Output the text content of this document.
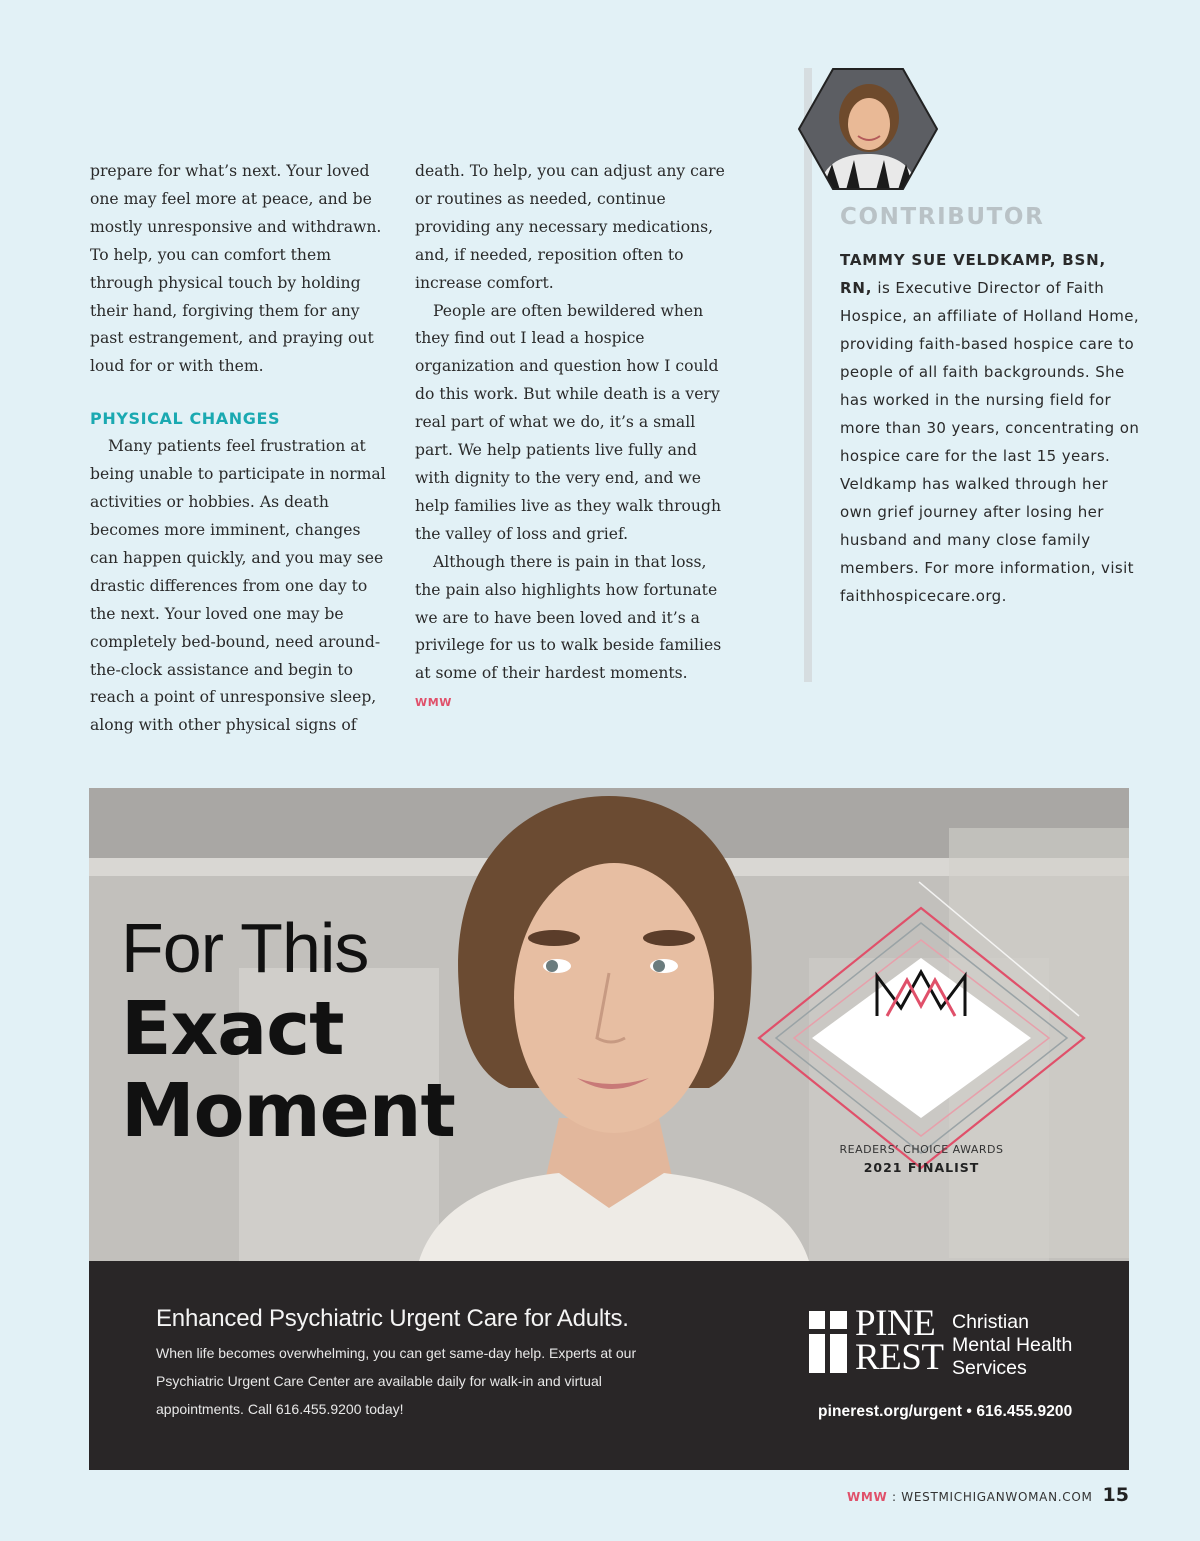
prepare for what’s next. Your loved one may feel more at peace, and be mostly unresponsive and withdrawn. To help, you can comfort them through physical touch by holding their hand, forgiving them for any past estrangement, and praying out loud for or with them.

PHYSICAL CHANGES

Many patients feel frustration at being unable to participate in normal activities or hobbies. As death becomes more imminent, changes can happen quickly, and you may see drastic differences from one day to the next. Your loved one may be completely bed-bound, need around-the-clock assistance and begin to reach a point of unresponsive sleep, along with other physical signs of

death. To help, you can adjust any care or routines as needed, continue providing any necessary medications, and, if needed, reposition often to increase comfort.

People are often bewildered when they find out I lead a hospice organization and question how I could do this work. But while death is a very real part of what we do, it’s a small part. We help patients live fully and with dignity to the very end, and we help families live as they walk through the valley of loss and grief.

Although there is pain in that loss, the pain also highlights how fortunate we are to have been loved and it’s a privilege for us to walk beside families at some of their hardest moments. WMW

CONTRIBUTOR
TAMMY SUE VELDKAMP, BSN, RN, is Executive Director of Faith Hospice, an affiliate of Holland Home, providing faith-based hospice care to people of all faith backgrounds. She has worked in the nursing field for more than 30 years, concentrating on hospice care for the last 15 years. Veldkamp has walked through her own grief journey after losing her husband and many close family members. For more information, visit faithhospicecare.org.
For This
Exact
Moment	READERS’ CHOICE AWARDS
2021 FINALIST
Enhanced Psychiatric Urgent Care for Adults.
When life becomes overwhelming, you can get same-day help. Experts at our Psychiatric Urgent Care Center are available daily for walk-in and virtual appointments. Call 616.455.9200 today!
PINE
REST
Christian
Mental Health
Services
pinerest.org/urgent • 616.455.9200
WMW : WESTMICHIGANWOMAN.COM 15
